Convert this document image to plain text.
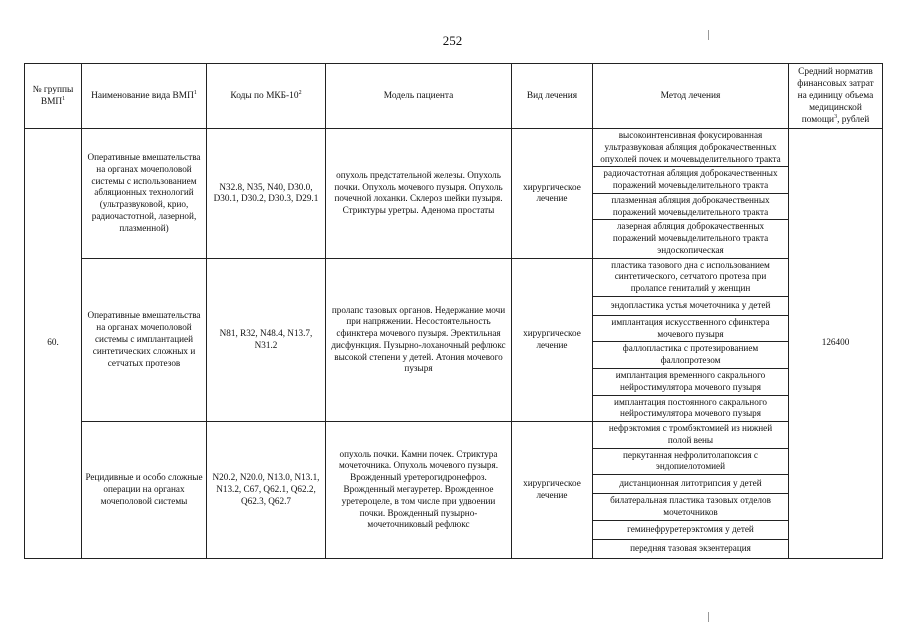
252
№ группы ВМП$^1$	Наименование вида ВМП$^1$	Коды по МКБ-$10^2$	Модель пациента	Вид лечения	Метод лечения	Средний норматив финансовых затрат на единицу объема медицинской помощи$^3$, рублей
60.	Оперативные вмешательства на органах мочеполовой системы с использованием абляционных технологий (ультразвуковой, крио, радиочастотной, лазерной, плазменной)	N32.8, N35, N40, D30.0, D30.1, D30.2, D30.3, D29.1	опухоль предстательной железы. Опухоль почки. Опухоль мочевого пузыря. Опухоль почечной лоханки. Склероз шейки пузыря. Стриктуры уретры. Аденома простаты	хирургическое лечение	высокоинтенсивная фокусированная ультразвуковая абляция доброкачественных опухолей почек и мочевыделительного тракта	126400
					радиочастотная абляция доброкачественных поражений мочевыделительного тракта	
					плазменная абляция доброкачественных поражений мочевыделительного тракта	
					лазерная абляция доброкачественных поражений мочевыделительного тракта эндоскопическая	
	Оперативные вмешательства на органах мочеполовой системы с имплантацией синтетических сложных и сетчатых протезов	N81, R32, N48.4, N13.7, N31.2	пролапс тазовых органов. Недержание мочи при напряжении. Несостоятельность сфинктера мочевого пузыря. Эректильная дисфункция. Пузырно-лоханочный рефлюкс высокой степени у детей. Атония мочевого пузыря	хирургическое лечение	пластика тазового дна с использованием синтетического, сетчатого протеза при пролапсе гениталий у женщин	
					эндопластика устья мочеточника у детей	
					имплантация искусственного сфинктера мочевого пузыря	
					фаллопластика с протезированием фаллопротезом	
					имплантация временного сакрального нейростимулятора мочевого пузыря	
					имплантация постоянного сакрального нейростимулятора мочевого пузыря	
	Рецидивные и особо сложные операции на органах мочеполовой системы	N20.2, N20.0, N13.0, N13.1, N13.2, C67, Q62.1, Q62.2, Q62.3, Q62.7	опухоль почки. Камни почек. Стриктура мочеточника. Опухоль мочевого пузыря. Врожденный уретерогидронефроз. Врожденный мегауретер. Врожденное уретероцеле, в том числе при удвоении почки. Врожденный пузырно-мочеточниковый рефлюкс	хирургическое лечение	нефрэктомия с тромбэктомией из нижней полой вены	
					перкутанная нефролитолапоксия с эндопиелотомией	
					дистанционная литотрипсия у детей	
					билатеральная пластика тазовых отделов мочеточников	
					геминефруретерэктомия у детей	
					передняя тазовая экзентерация	
